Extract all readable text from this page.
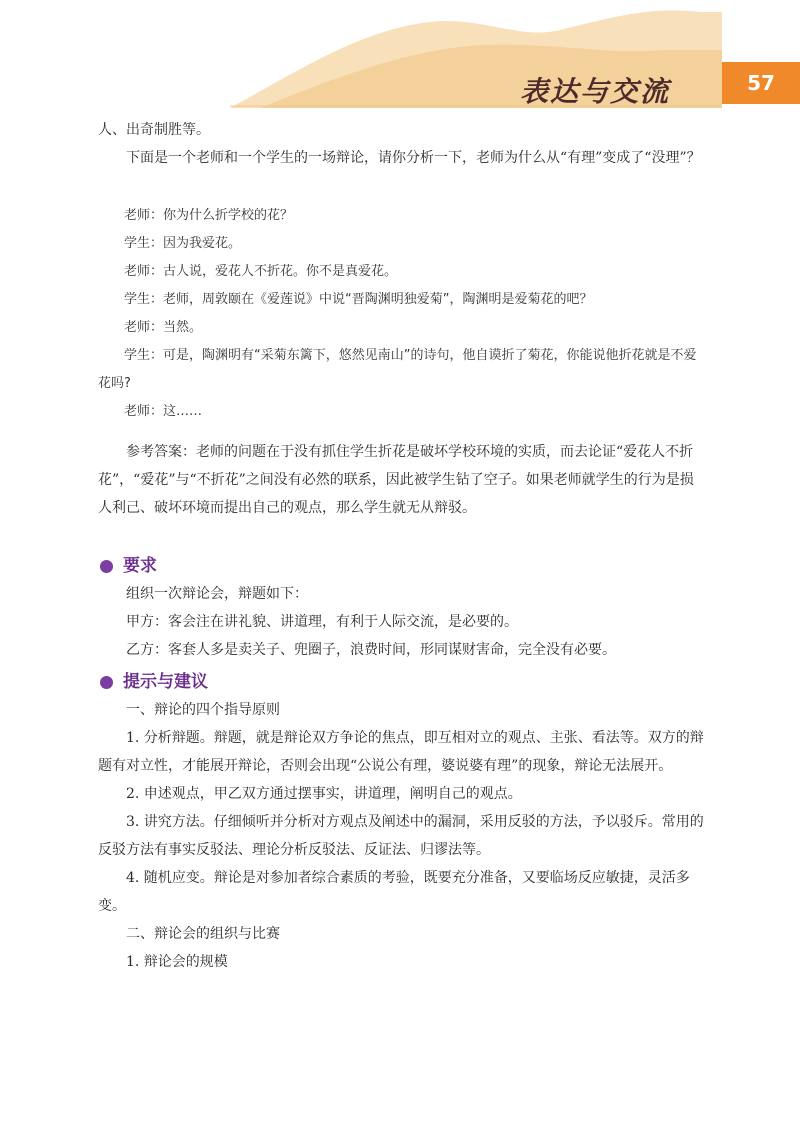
表达与交流	57

人、出奇制胜等。

下面是一个老师和一个学生的一场辩论，请你分析一下，老师为什么从“有理”变成了“没理”？

老师：你为什么折学校的花？

学生：因为我爱花。

老师：古人说，爱花人不折花。你不是真爱花。

学生：老师，周敦颐在《爱莲说》中说“晋陶渊明独爱菊”，陶渊明是爱菊花的吧？

老师：当然。

学生：可是，陶渊明有“采菊东篱下，悠然见南山”的诗句，他自谟折了菊花，你能说他折花就是不爱花吗?

老师：这……

参考答案：老师的问题在于没有抓住学生折花是破坏学校环境的实质，而去论证“爱花人不折花”，“爱花”与“不折花”之间没有必然的联系，因此被学生钻了空子。如果老师就学生的行为是损人利己、破坏环境而提出自己的观点，那么学生就无从辩驳。

要求

组织一次辩论会，辩题如下：

甲方：客会注在讲礼貌、讲道理，有利于人际交流，是必要的。

乙方：客套人多是卖关子、兜圈子，浪费时间，形同谋财害命，完全没有必要。

提示与建议

一、辩论的四个指导原则

1. 分析辩题。辩题，就是辩论双方争论的焦点，即互相对立的观点、主张、看法等。双方的辩题有对立性，才能展开辩论，否则会出现“公说公有理，婆说婆有理”的现象，辩论无法展开。

2. 申述观点，甲乙双方通过摆事实，讲道理，阐明自己的观点。

3. 讲究方法。仔细倾听并分析对方观点及阐述中的漏洞，采用反驳的方法，予以驳斥。常用的反驳方法有事实反驳法、理论分析反驳法、反证法、归谬法等。

4. 随机应变。辩论是对参加者综合素质的考验，既要充分准备，又要临场反应敏捷，灵活多变。

二、辩论会的组织与比赛

1. 辩论会的规模
